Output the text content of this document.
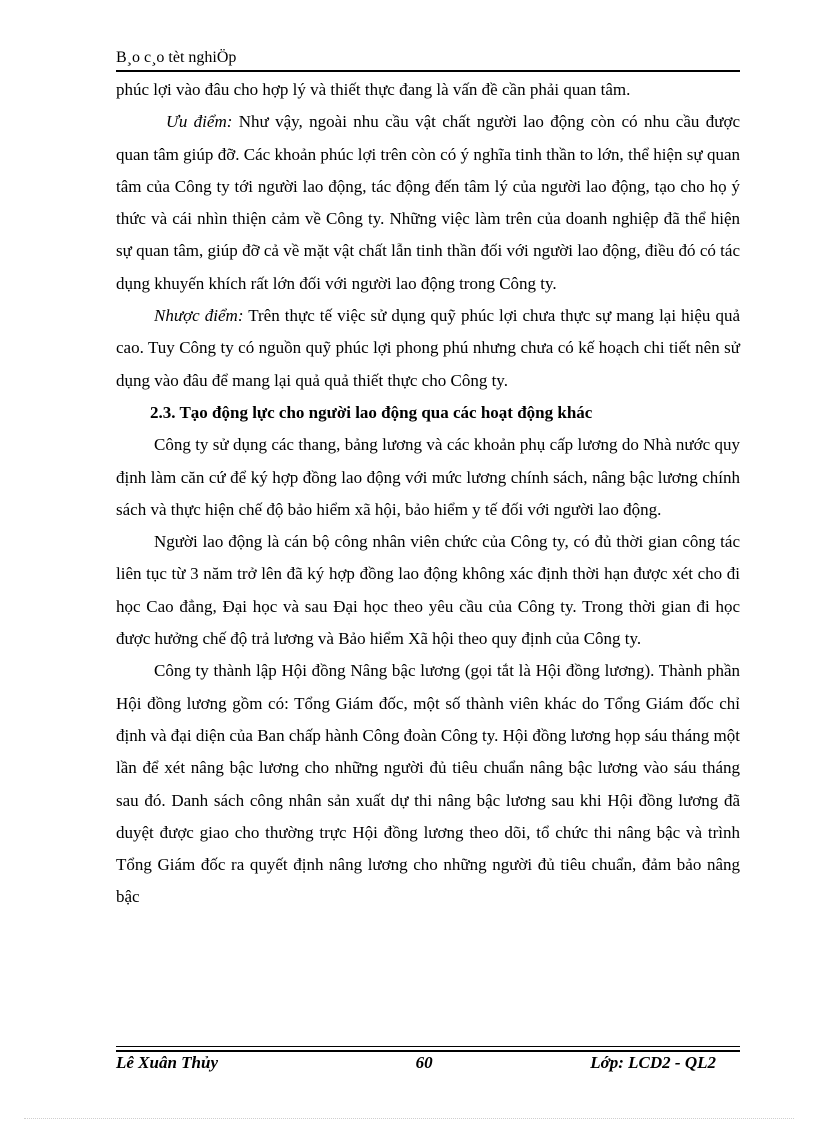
B¸o c¸o tèt nghiÖp

phúc lợi vào đâu cho hợp lý và thiết thực đang là vấn đề cần phải quan tâm.

Ưu điểm: Như vậy, ngoài nhu cầu vật chất người lao động còn có nhu cầu được quan tâm giúp đỡ. Các khoản phúc lợi trên còn có ý nghĩa tinh thần to lớn, thể hiện sự quan tâm của Công ty tới người lao động, tác động đến tâm lý của người lao động, tạo cho họ ý thức và cái nhìn thiện cảm về Công ty. Những việc làm trên của doanh nghiệp đã thể hiện sự quan tâm, giúp đỡ cả về mặt vật chất lẫn tinh thần đối với người lao động, điều đó có tác dụng khuyến khích rất lớn đối với người lao động trong Công ty.

Nhược điểm: Trên thực tế việc sử dụng quỹ phúc lợi chưa thực sự mang lại hiệu quả cao. Tuy Công ty có nguồn quỹ phúc lợi phong phú nhưng chưa có kế hoạch chi tiết nên sử dụng vào đâu để mang lại quả quả thiết thực cho Công ty.

2.3. Tạo động lực cho người lao động qua các hoạt động khác

Công ty sử dụng các thang, bảng lương và các khoản phụ cấp lương do Nhà nước quy định làm căn cứ để ký hợp đồng lao động với mức lương chính sách, nâng bậc lương chính sách và thực hiện chế độ bảo hiểm xã hội, bảo hiểm y tế đối với người lao động.

Người lao động là cán bộ công nhân viên chức của Công ty, có đủ thời gian công tác liên tục từ 3 năm trở lên đã ký hợp đồng lao động không xác định thời hạn được xét cho đi học Cao đẳng, Đại học và sau Đại học theo yêu cầu của Công ty. Trong thời gian đi học được hưởng chế độ trả lương và Bảo hiểm Xã hội theo quy định của Công ty.

Công ty thành lập Hội đồng Nâng bậc lương (gọi tắt là Hội đồng lương). Thành phần Hội đồng lương gồm có: Tổng Giám đốc, một số thành viên khác do Tổng Giám đốc chỉ định và đại diện của Ban chấp hành Công đoàn Công ty. Hội đồng lương họp sáu tháng một lần để xét nâng bậc lương cho những người đủ tiêu chuẩn nâng bậc lương vào sáu tháng sau đó. Danh sách công nhân sản xuất dự thi nâng bậc lương sau khi Hội đồng lương đã duyệt được giao cho thường trực Hội đồng lương theo dõi, tổ chức thi nâng bậc và trình Tổng Giám đốc ra quyết định nâng lương cho những người đủ tiêu chuẩn, đảm bảo nâng bậc

Lê Xuân Thủy	60	Lớp: LCD2 - QL2
